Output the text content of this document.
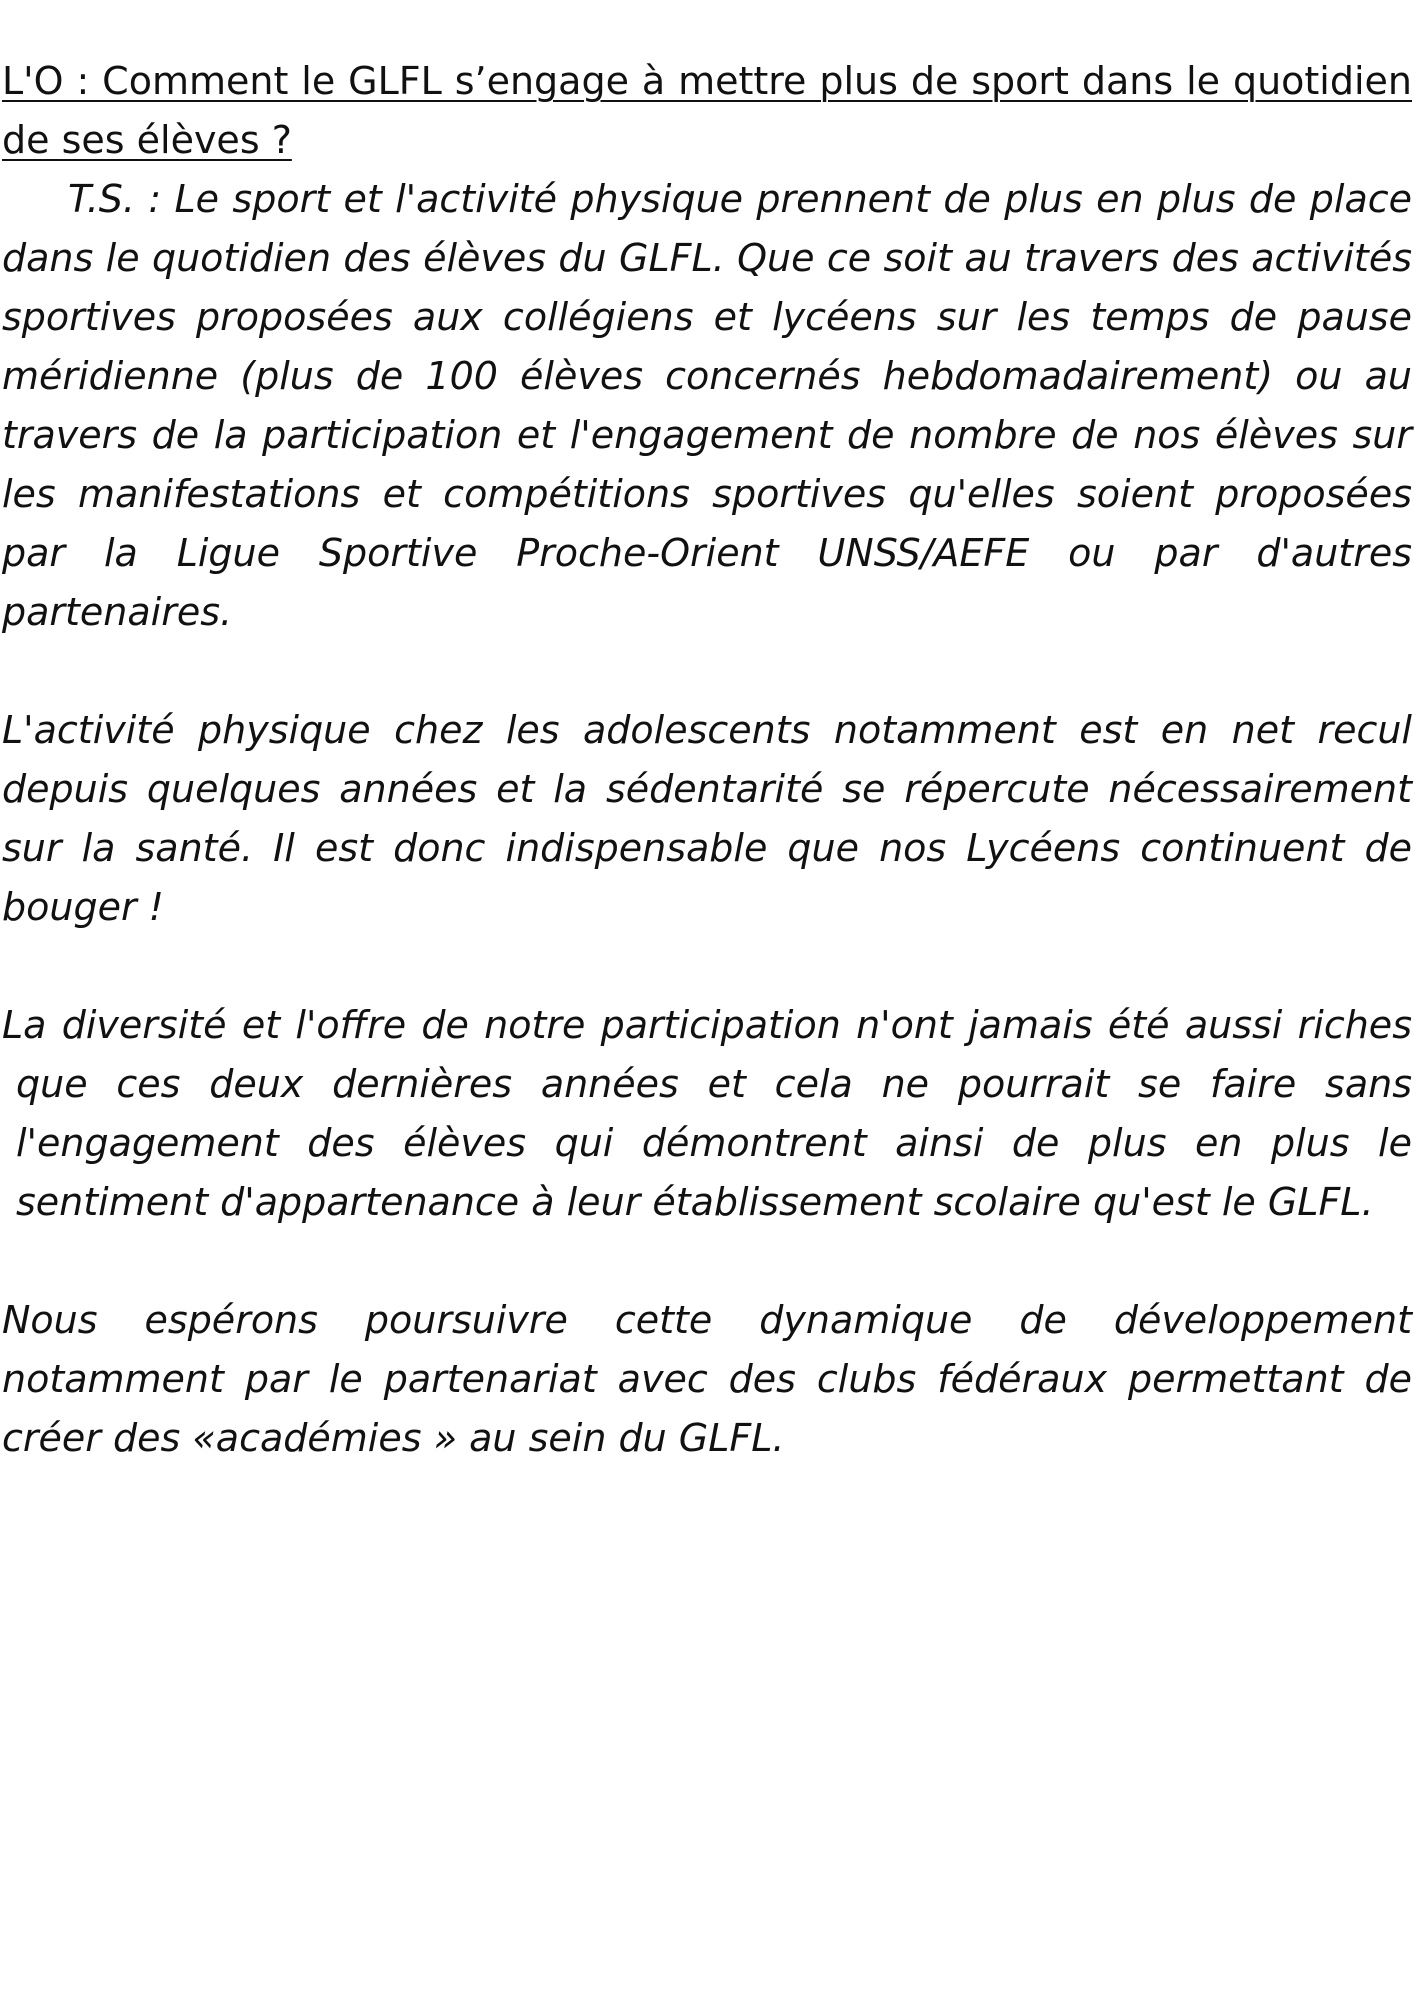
L'O : Comment le GLFL s’engage à mettre plus de sport dans le quotidien de ses élèves ?

T.S. : Le sport et l'activité physique prennent de plus en plus de place dans le quotidien des élèves du GLFL. Que ce soit au travers des activités sportives proposées aux collégiens et lycéens sur les temps de pause méridienne (plus de 100 élèves concernés hebdomadairement) ou au travers de la participation et l'engagement de nombre de nos élèves sur les manifestations et compétitions sportives qu'elles soient proposées par la Ligue Sportive Proche-Orient UNSS/AEFE ou par d'autres partenaires.

L'activité physique chez les adolescents notamment est en net recul depuis quelques années et la sédentarité se répercute nécessairement sur la santé. Il est donc indispensable que nos Lycéens continuent de bouger !

La diversité et l'offre de notre participation n'ont jamais été aussi riches que ces deux dernières années et cela ne pourrait se faire sans l'engagement des élèves qui démontrent ainsi de plus en plus le sentiment d'appartenance à leur établissement scolaire qu'est le GLFL.

Nous espérons poursuivre cette dynamique de développement notamment par le partenariat avec des clubs fédéraux permettant de créer des «académies » au sein du GLFL.
